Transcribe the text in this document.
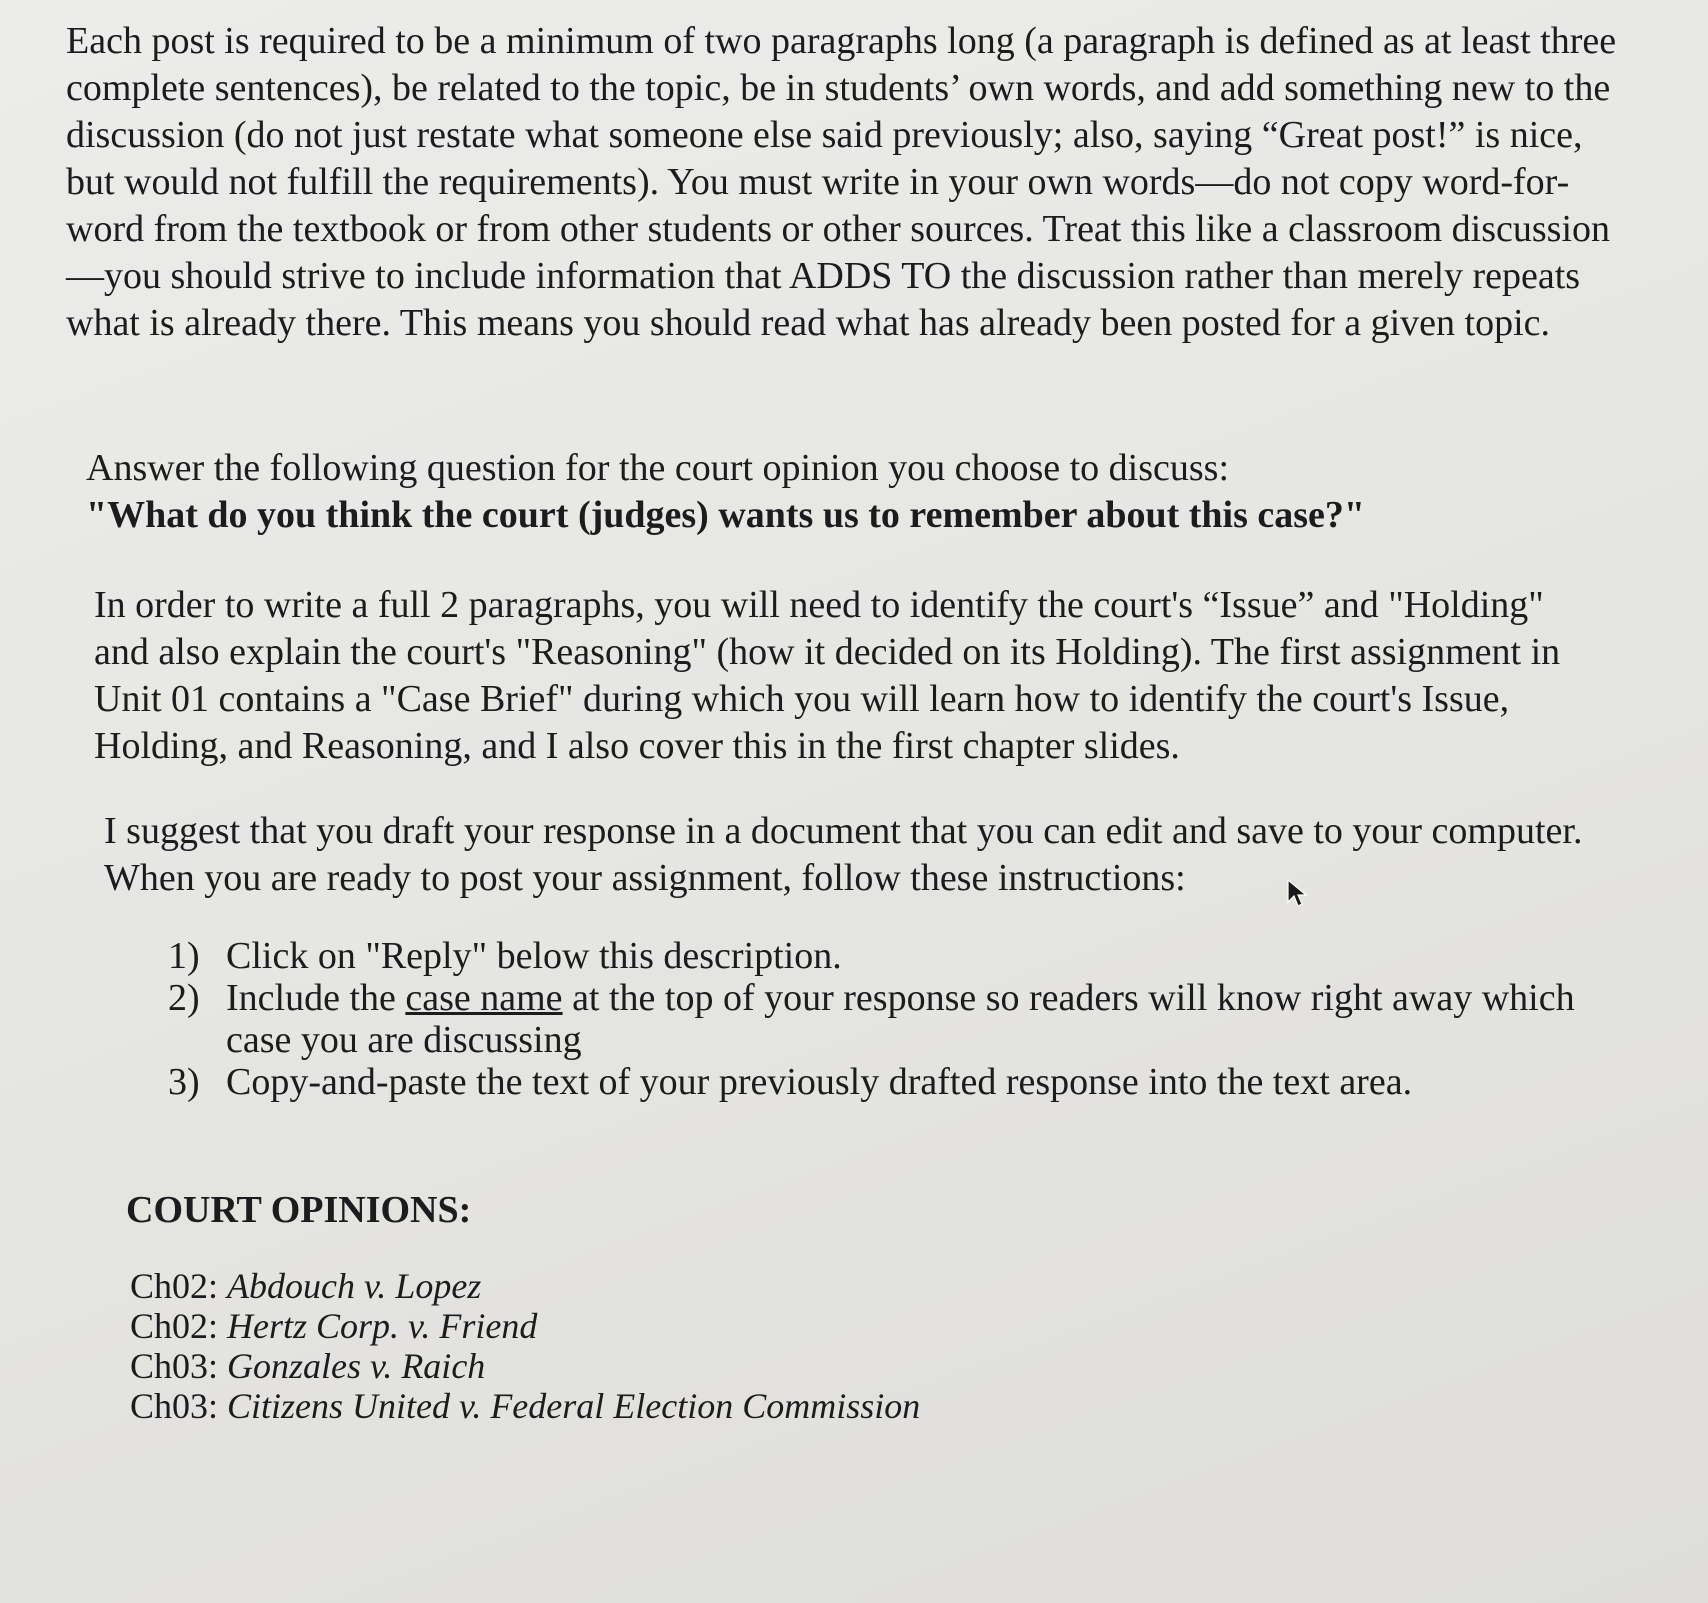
Each post is required to be a minimum of two paragraphs long (a paragraph is defined as at least three complete sentences), be related to the topic, be in students’ own words, and add something new to the discussion (do not just restate what someone else said previously; also, saying “Great post!” is nice, but would not fulfill the requirements). You must write in your own words—do not copy word-for-word from the textbook or from other students or other sources. Treat this like a classroom discussion—you should strive to include information that ADDS TO the discussion rather than merely repeats what is already there. This means you should read what has already been posted for a given topic.

Answer the following question for the court opinion you choose to discuss:
"What do you think the court (judges) wants us to remember about this case?"

In order to write a full 2 paragraphs, you will need to identify the court's “Issue” and "Holding" and also explain the court's "Reasoning" (how it decided on its Holding). The first assignment in Unit 01 contains a "Case Brief" during which you will learn how to identify the court's Issue, Holding, and Reasoning, and I also cover this in the first chapter slides.

I suggest that you draft your response in a document that you can edit and save to your computer. When you are ready to post your assignment, follow these instructions:

1) Click on "Reply" below this description.
2) Include the case name at the top of your response so readers will know right away which case you are discussing
3) Copy-and-paste the text of your previously drafted response into the text area.
COURT OPINIONS:
Ch02: Abdouch v. Lopez
Ch02: Hertz Corp. v. Friend
Ch03: Gonzales v. Raich
Ch03: Citizens United v. Federal Election Commission
